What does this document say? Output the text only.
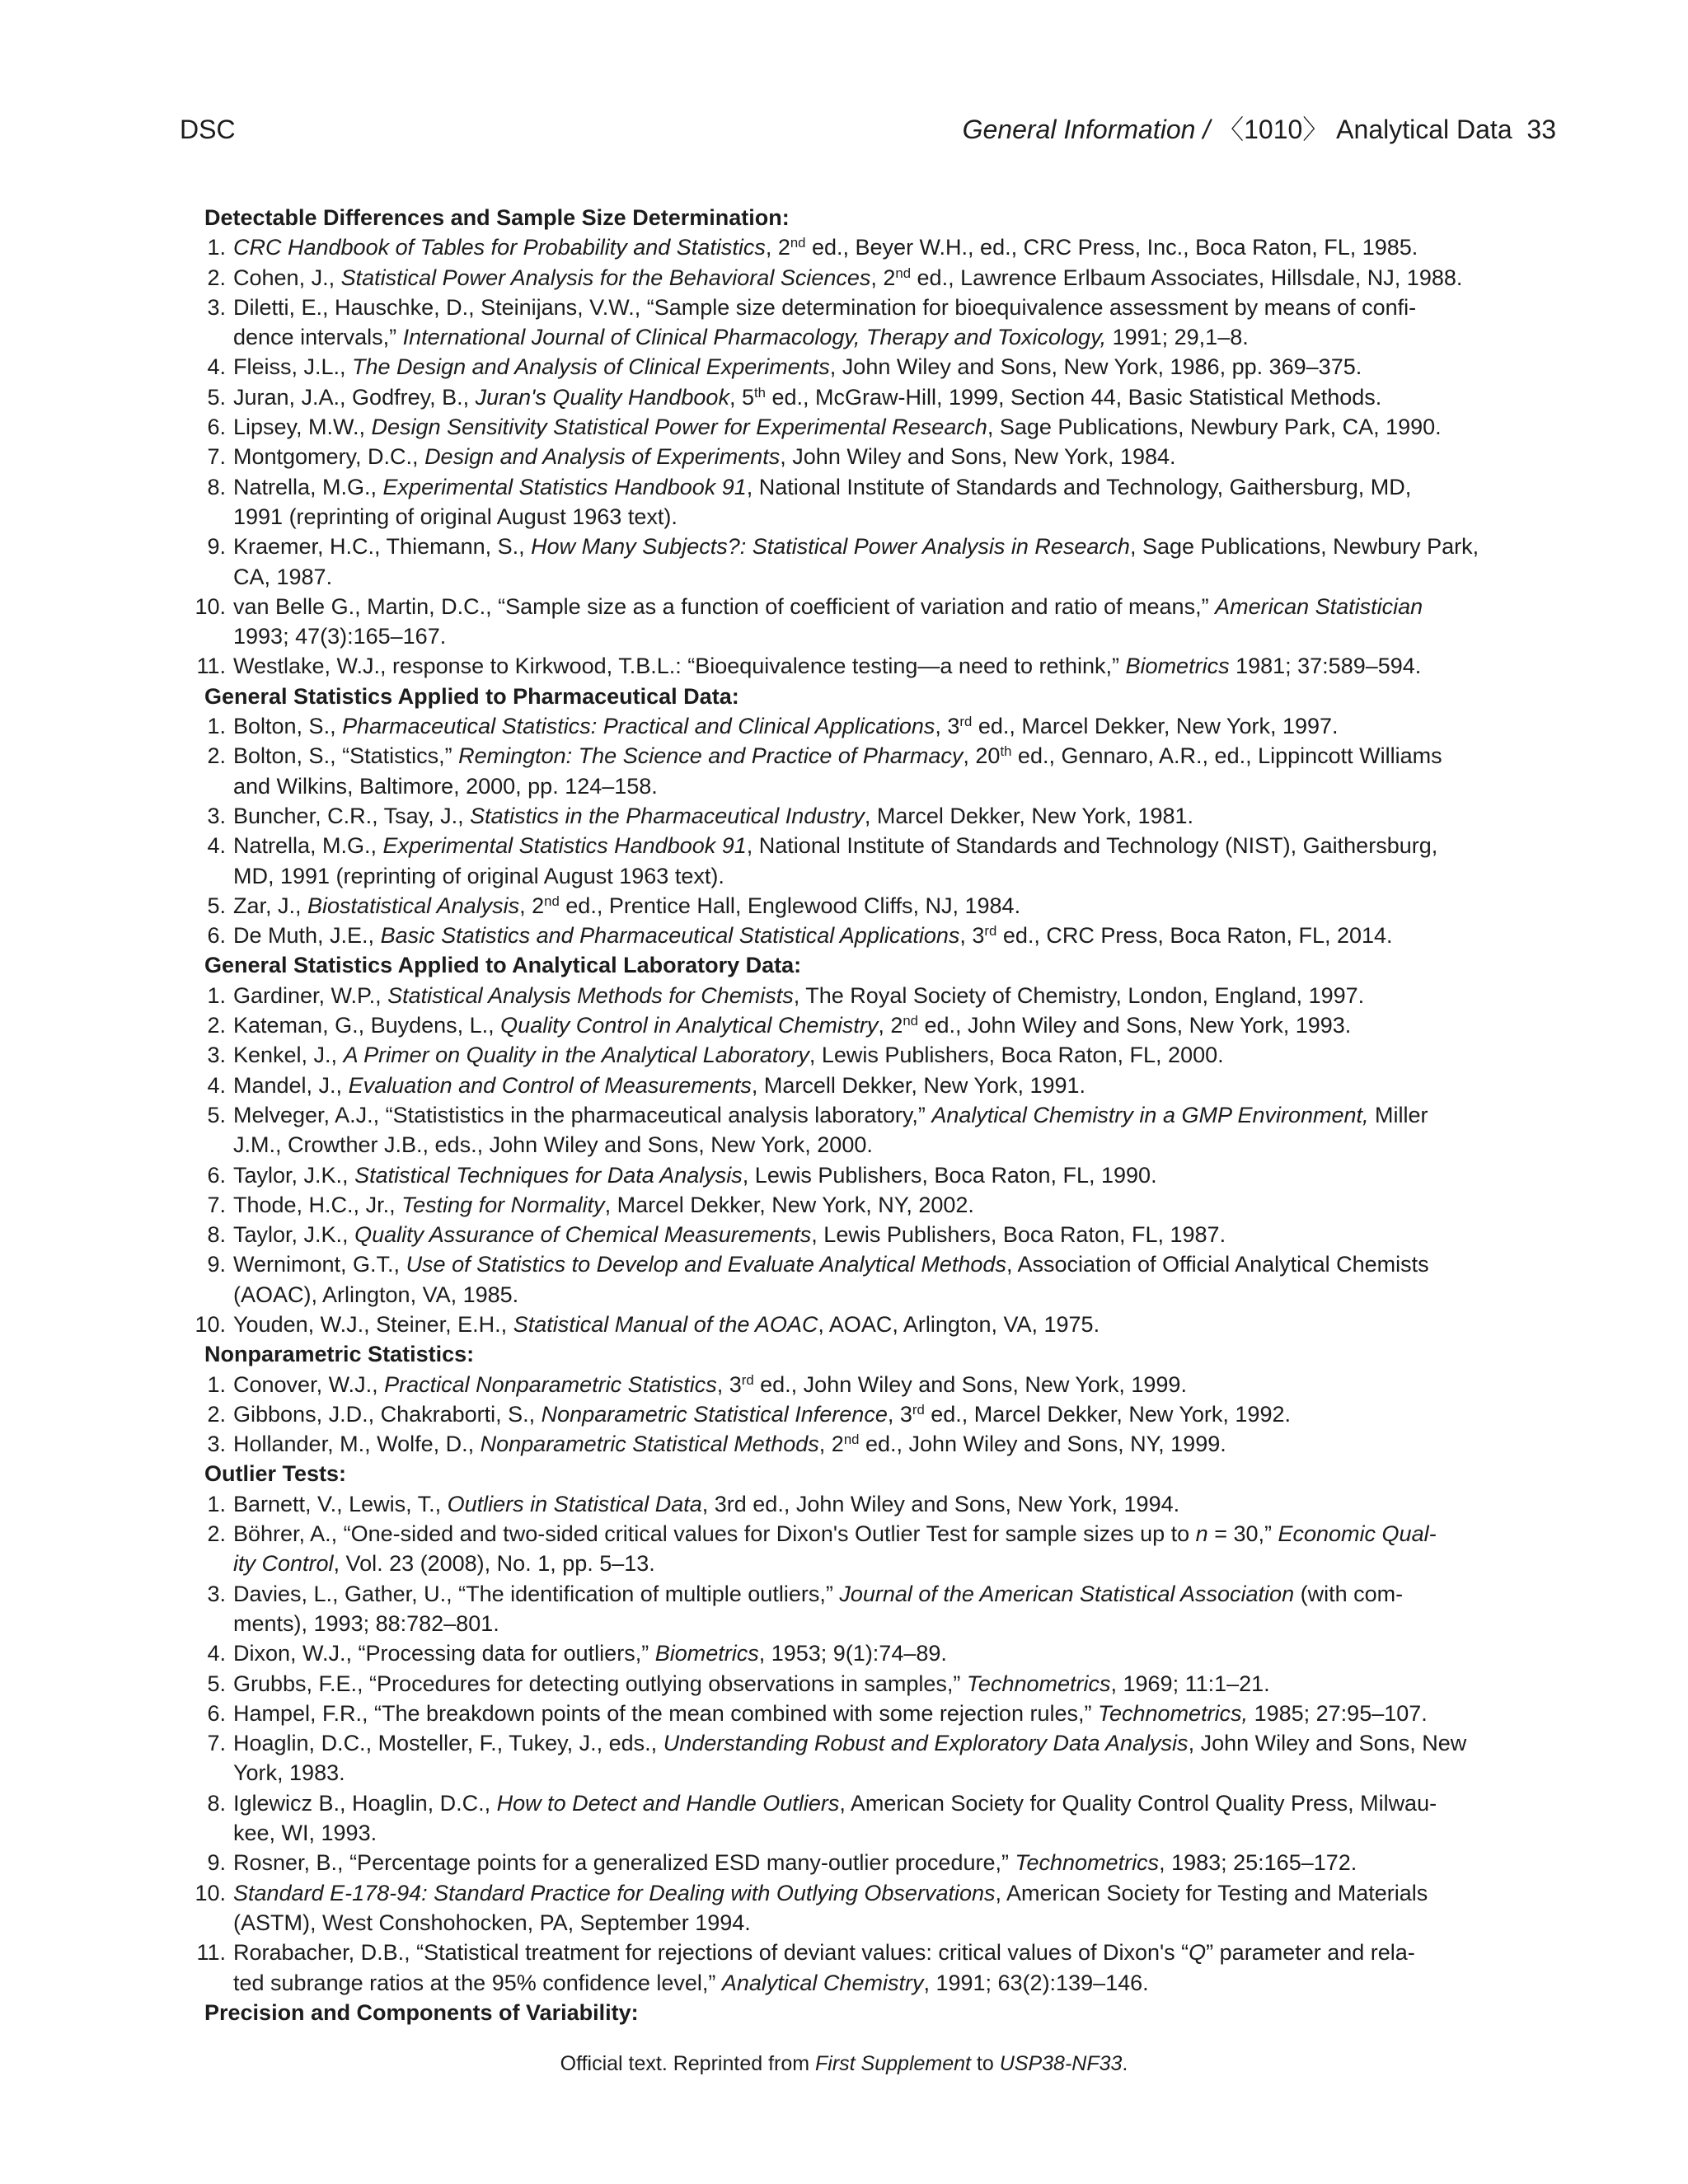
DSC	General Information / 〈1010〉 Analytical Data 33
Detectable Differences and Sample Size Determination:
1. CRC Handbook of Tables for Probability and Statistics, 2nd ed., Beyer W.H., ed., CRC Press, Inc., Boca Raton, FL, 1985.
2. Cohen, J., Statistical Power Analysis for the Behavioral Sciences, 2nd ed., Lawrence Erlbaum Associates, Hillsdale, NJ, 1988.
3. Diletti, E., Hauschke, D., Steinijans, V.W., “Sample size determination for bioequivalence assessment by means of confi-
dence intervals,” International Journal of Clinical Pharmacology, Therapy and Toxicology, 1991; 29,1–8.
4. Fleiss, J.L., The Design and Analysis of Clinical Experiments, John Wiley and Sons, New York, 1986, pp. 369–375.
5. Juran, J.A., Godfrey, B., Juran's Quality Handbook, 5th ed., McGraw-Hill, 1999, Section 44, Basic Statistical Methods.
6. Lipsey, M.W., Design Sensitivity Statistical Power for Experimental Research, Sage Publications, Newbury Park, CA, 1990.
7. Montgomery, D.C., Design and Analysis of Experiments, John Wiley and Sons, New York, 1984.
8. Natrella, M.G., Experimental Statistics Handbook 91, National Institute of Standards and Technology, Gaithersburg, MD,
1991 (reprinting of original August 1963 text).
9. Kraemer, H.C., Thiemann, S., How Many Subjects?: Statistical Power Analysis in Research, Sage Publications, Newbury Park,
CA, 1987.
10. van Belle G., Martin, D.C., “Sample size as a function of coefficient of variation and ratio of means,” American Statistician
1993; 47(3):165–167.
11. Westlake, W.J., response to Kirkwood, T.B.L.: “Bioequivalence testing—a need to rethink,” Biometrics 1981; 37:589–594.
General Statistics Applied to Pharmaceutical Data:
1. Bolton, S., Pharmaceutical Statistics: Practical and Clinical Applications, 3rd ed., Marcel Dekker, New York, 1997.
2. Bolton, S., “Statistics,” Remington: The Science and Practice of Pharmacy, 20th ed., Gennaro, A.R., ed., Lippincott Williams
and Wilkins, Baltimore, 2000, pp. 124–158.
3. Buncher, C.R., Tsay, J., Statistics in the Pharmaceutical Industry, Marcel Dekker, New York, 1981.
4. Natrella, M.G., Experimental Statistics Handbook 91, National Institute of Standards and Technology (NIST), Gaithersburg,
MD, 1991 (reprinting of original August 1963 text).
5. Zar, J., Biostatistical Analysis, 2nd ed., Prentice Hall, Englewood Cliffs, NJ, 1984.
6. De Muth, J.E., Basic Statistics and Pharmaceutical Statistical Applications, 3rd ed., CRC Press, Boca Raton, FL, 2014.
General Statistics Applied to Analytical Laboratory Data:
1. Gardiner, W.P., Statistical Analysis Methods for Chemists, The Royal Society of Chemistry, London, England, 1997.
2. Kateman, G., Buydens, L., Quality Control in Analytical Chemistry, 2nd ed., John Wiley and Sons, New York, 1993.
3. Kenkel, J., A Primer on Quality in the Analytical Laboratory, Lewis Publishers, Boca Raton, FL, 2000.
4. Mandel, J., Evaluation and Control of Measurements, Marcell Dekker, New York, 1991.
5. Melveger, A.J., “Statististics in the pharmaceutical analysis laboratory,” Analytical Chemistry in a GMP Environment, Miller
J.M., Crowther J.B., eds., John Wiley and Sons, New York, 2000.
6. Taylor, J.K., Statistical Techniques for Data Analysis, Lewis Publishers, Boca Raton, FL, 1990.
7. Thode, H.C., Jr., Testing for Normality, Marcel Dekker, New York, NY, 2002.
8. Taylor, J.K., Quality Assurance of Chemical Measurements, Lewis Publishers, Boca Raton, FL, 1987.
9. Wernimont, G.T., Use of Statistics to Develop and Evaluate Analytical Methods, Association of Official Analytical Chemists
(AOAC), Arlington, VA, 1985.
10. Youden, W.J., Steiner, E.H., Statistical Manual of the AOAC, AOAC, Arlington, VA, 1975.
Nonparametric Statistics:
1. Conover, W.J., Practical Nonparametric Statistics, 3rd ed., John Wiley and Sons, New York, 1999.
2. Gibbons, J.D., Chakraborti, S., Nonparametric Statistical Inference, 3rd ed., Marcel Dekker, New York, 1992.
3. Hollander, M., Wolfe, D., Nonparametric Statistical Methods, 2nd ed., John Wiley and Sons, NY, 1999.
Outlier Tests:
1. Barnett, V., Lewis, T., Outliers in Statistical Data, 3rd ed., John Wiley and Sons, New York, 1994.
2. Böhrer, A., “One-sided and two-sided critical values for Dixon's Outlier Test for sample sizes up to n = 30,” Economic Qual-
ity Control, Vol. 23 (2008), No. 1, pp. 5–13.
3. Davies, L., Gather, U., “The identification of multiple outliers,” Journal of the American Statistical Association (with com-
ments), 1993; 88:782–801.
4. Dixon, W.J., “Processing data for outliers,” Biometrics, 1953; 9(1):74–89.
5. Grubbs, F.E., “Procedures for detecting outlying observations in samples,” Technometrics, 1969; 11:1–21.
6. Hampel, F.R., “The breakdown points of the mean combined with some rejection rules,” Technometrics, 1985; 27:95–107.
7. Hoaglin, D.C., Mosteller, F., Tukey, J., eds., Understanding Robust and Exploratory Data Analysis, John Wiley and Sons, New
York, 1983.
8. Iglewicz B., Hoaglin, D.C., How to Detect and Handle Outliers, American Society for Quality Control Quality Press, Milwau-
kee, WI, 1993.
9. Rosner, B., “Percentage points for a generalized ESD many-outlier procedure,” Technometrics, 1983; 25:165–172.
10. Standard E-178-94: Standard Practice for Dealing with Outlying Observations, American Society for Testing and Materials
(ASTM), West Conshohocken, PA, September 1994.
11. Rorabacher, D.B., “Statistical treatment for rejections of deviant values: critical values of Dixon's “Q” parameter and rela-
ted subrange ratios at the 95% confidence level,” Analytical Chemistry, 1991; 63(2):139–146.
Precision and Components of Variability:
Official text. Reprinted from First Supplement to USP38-NF33.
